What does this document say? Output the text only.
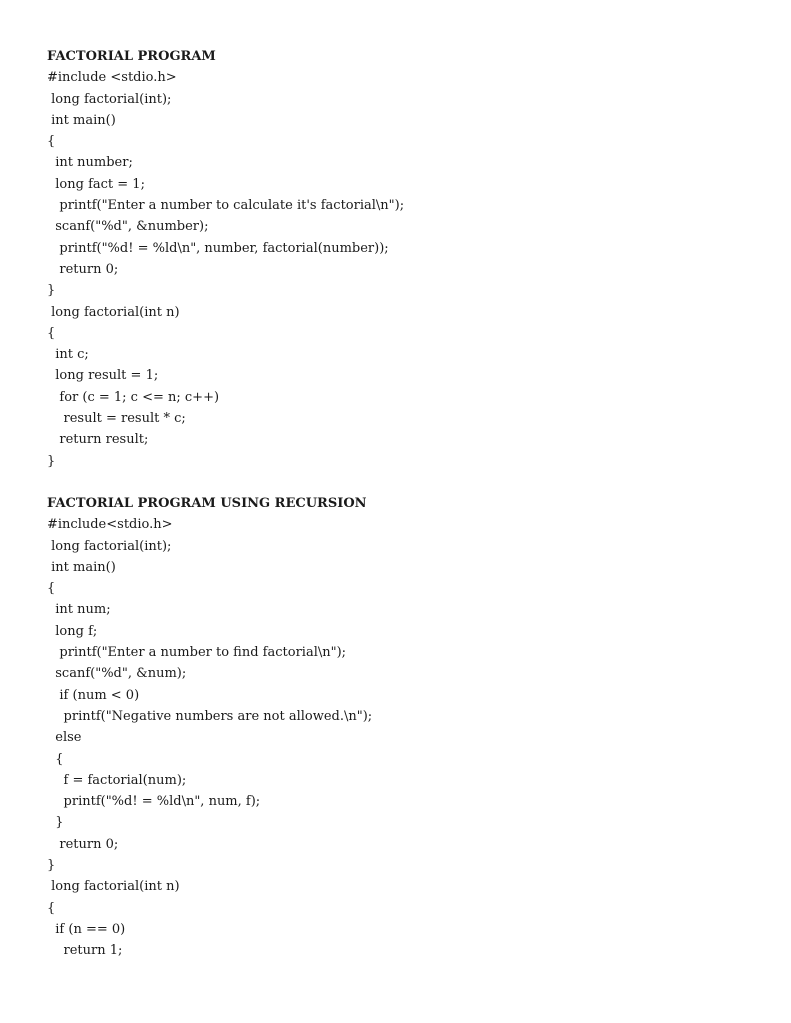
FACTORIAL PROGRAM
#include <stdio.h>
long factorial(int);
int main()
{
int number;
long fact = 1;
printf("Enter a number to calculate it's factorial\n");
scanf("%d", &number);
printf("%d! = %ld\n", number, factorial(number));
return 0;
}
long factorial(int n)
{
int c;
long result = 1;
for (c = 1; c <= n; c++)
result = result * c;
return result;
}
FACTORIAL PROGRAM USING RECURSION
#include<stdio.h>
long factorial(int);
int main()
{
int num;
long f;
printf("Enter a number to find factorial\n");
scanf("%d", &num);
if (num < 0)
printf("Negative numbers are not allowed.\n");
else
{
f = factorial(num);
printf("%d! = %ld\n", num, f);
}
return 0;
}
long factorial(int n)
{
if (n == 0)
return 1;
